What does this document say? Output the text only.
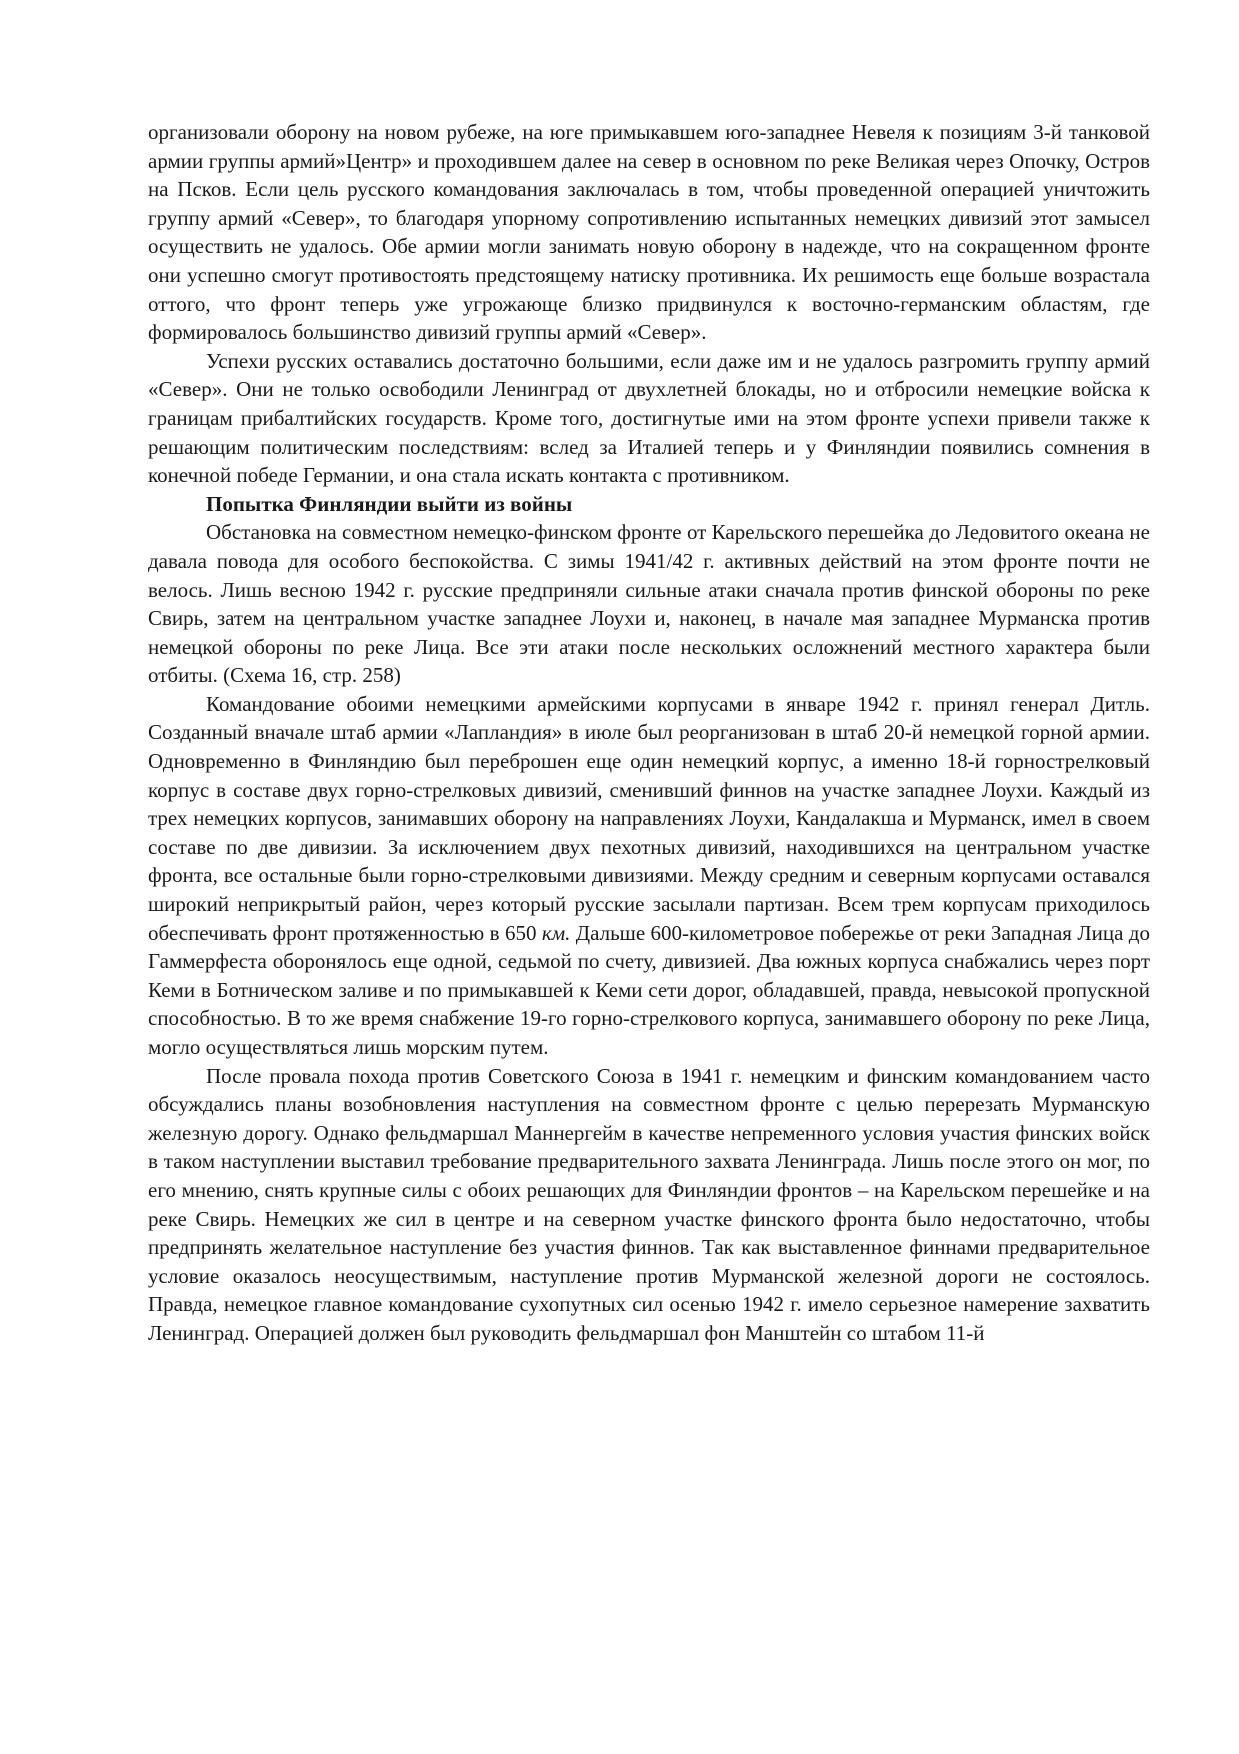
организовали оборону на новом рубеже, на юге примыкавшем юго-западнее Невеля к позициям 3-й танковой армии группы армий»Центр» и проходившем далее на север в основном по реке Великая через Опочку, Остров на Псков. Если цель русского командования заключалась в том, чтобы проведенной операцией уничтожить группу армий «Север», то благодаря упорному сопротивлению испытанных немецких дивизий этот замысел осуществить не удалось. Обе армии могли занимать новую оборону в надежде, что на сокращенном фронте они успешно смогут противостоять предстоящему натиску противника. Их решимость еще больше возрастала оттого, что фронт теперь уже угрожающе близко придвинулся к восточно-германским областям, где формировалось большинство дивизий группы армий «Север».

Успехи русских оставались достаточно большими, если даже им и не удалось разгромить группу армий «Север». Они не только освободили Ленинград от двухлетней блокады, но и отбросили немецкие войска к границам прибалтийских государств. Кроме того, достигнутые ими на этом фронте успехи привели также к решающим политическим последствиям: вслед за Италией теперь и у Финляндии появились сомнения в конечной победе Германии, и она стала искать контакта с противником.

Попытка Финляндии выйти из войны

Обстановка на совместном немецко-финском фронте от Карельского перешейка до Ледовитого океана не давала повода для особого беспокойства. С зимы 1941/42 г. активных действий на этом фронте почти не велось. Лишь весною 1942 г. русские предприняли сильные атаки сначала против финской обороны по реке Свирь, затем на центральном участке западнее Лоухи и, наконец, в начале мая западнее Мурманска против немецкой обороны по реке Лица. Все эти атаки после нескольких осложнений местного характера были отбиты. (Схема 16, стр. 258)

Командование обоими немецкими армейскими корпусами в январе 1942 г. принял генерал Дитль. Созданный вначале штаб армии «Лапландия» в июле был реорганизован в штаб 20-й немецкой горной армии. Одновременно в Финляндию был переброшен еще один немецкий корпус, а именно 18-й горнострелковый корпус в составе двух горно-стрелковых дивизий, сменивший финнов на участке западнее Лоухи. Каждый из трех немецких корпусов, занимавших оборону на направлениях Лоухи, Кандалакша и Мурманск, имел в своем составе по две дивизии. За исключением двух пехотных дивизий, находившихся на центральном участке фронта, все остальные были горно-стрелковыми дивизиями. Между средним и северным корпусами оставался широкий неприкрытый район, через который русские засылали партизан. Всем трем корпусам приходилось обеспечивать фронт протяженностью в 650 км. Дальше 600-километровое побережье от реки Западная Лица до Гаммерфеста оборонялось еще одной, седьмой по счету, дивизией. Два южных корпуса снабжались через порт Кеми в Ботническом заливе и по примыкавшей к Кеми сети дорог, обладавшей, правда, невысокой пропускной способностью. В то же время снабжение 19-го горно-стрелкового корпуса, занимавшего оборону по реке Лица, могло осуществляться лишь морским путем.

После провала похода против Советского Союза в 1941 г. немецким и финским командованием часто обсуждались планы возобновления наступления на совместном фронте с целью перерезать Мурманскую железную дорогу. Однако фельдмаршал Маннергейм в качестве непременного условия участия финских войск в таком наступлении выставил требование предварительного захвата Ленинграда. Лишь после этого он мог, по его мнению, снять крупные силы с обоих решающих для Финляндии фронтов – на Карельском перешейке и на реке Свирь. Немецких же сил в центре и на северном участке финского фронта было недостаточно, чтобы предпринять желательное наступление без участия финнов. Так как выставленное финнами предварительное условие оказалось неосуществимым, наступление против Мурманской железной дороги не состоялось. Правда, немецкое главное командование сухопутных сил осенью 1942 г. имело серьезное намерение захватить Ленинград. Операцией должен был руководить фельдмаршал фон Манштейн со штабом 11-й
